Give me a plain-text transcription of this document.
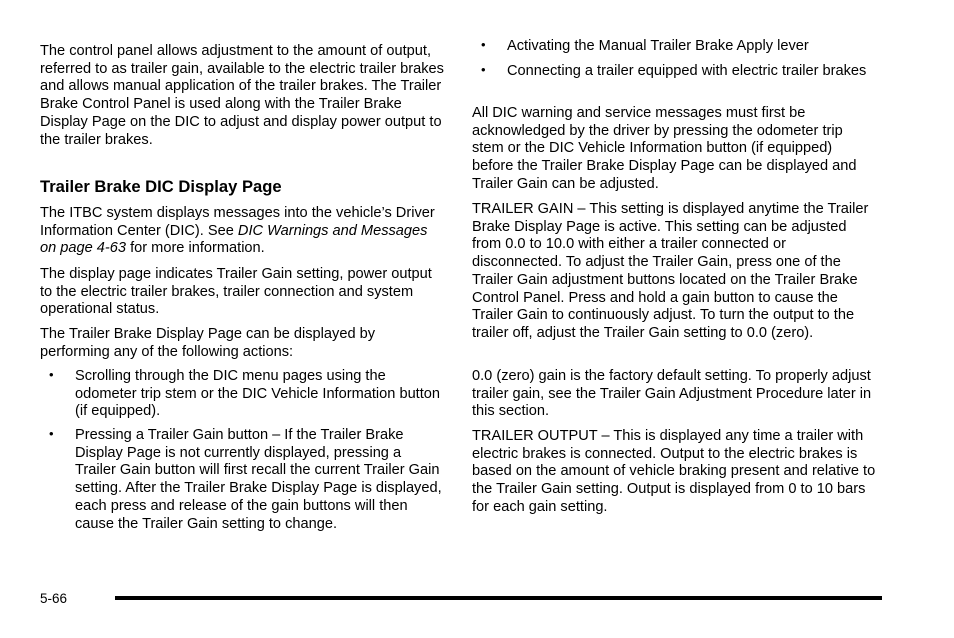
The control panel allows adjustment to the amount of output, referred to as trailer gain, available to the electric trailer brakes and allows manual application of the trailer brakes. The Trailer Brake Control Panel is used along with the Trailer Brake Display Page on the DIC to adjust and display power output to the trailer brakes.

Trailer Brake DIC Display Page

The ITBC system displays messages into the vehicle’s Driver Information Center (DIC). See DIC Warnings and Messages on page 4-63 for more information.

The display page indicates Trailer Gain setting, power output to the electric trailer brakes, trailer connection and system operational status.

The Trailer Brake Display Page can be displayed by performing any of the following actions:

• Scrolling through the DIC menu pages using the odometer trip stem or the DIC Vehicle Information button (if equipped).
• Pressing a Trailer Gain button – If the Trailer Brake Display Page is not currently displayed, pressing a Trailer Gain button will first recall the current Trailer Gain setting. After the Trailer Brake Display Page is displayed, each press and release of the gain buttons will then cause the Trailer Gain setting to change.
• Activating the Manual Trailer Brake Apply lever
• Connecting a trailer equipped with electric trailer brakes

All DIC warning and service messages must first be acknowledged by the driver by pressing the odometer trip stem or the DIC Vehicle Information button (if equipped) before the Trailer Brake Display Page can be displayed and Trailer Gain can be adjusted.

TRAILER GAIN – This setting is displayed anytime the Trailer Brake Display Page is active. This setting can be adjusted from 0.0 to 10.0 with either a trailer connected or disconnected. To adjust the Trailer Gain, press one of the Trailer Gain adjustment buttons located on the Trailer Brake Control Panel. Press and hold a gain button to cause the Trailer Gain to continuously adjust. To turn the output to the trailer off, adjust the Trailer Gain setting to 0.0 (zero).

0.0 (zero) gain is the factory default setting. To properly adjust trailer gain, see the Trailer Gain Adjustment Procedure later in this section.

TRAILER OUTPUT – This is displayed any time a trailer with electric brakes is connected. Output to the electric brakes is based on the amount of vehicle braking present and relative to the Trailer Gain setting. Output is displayed from 0 to 10 bars for each gain setting.

5-66
